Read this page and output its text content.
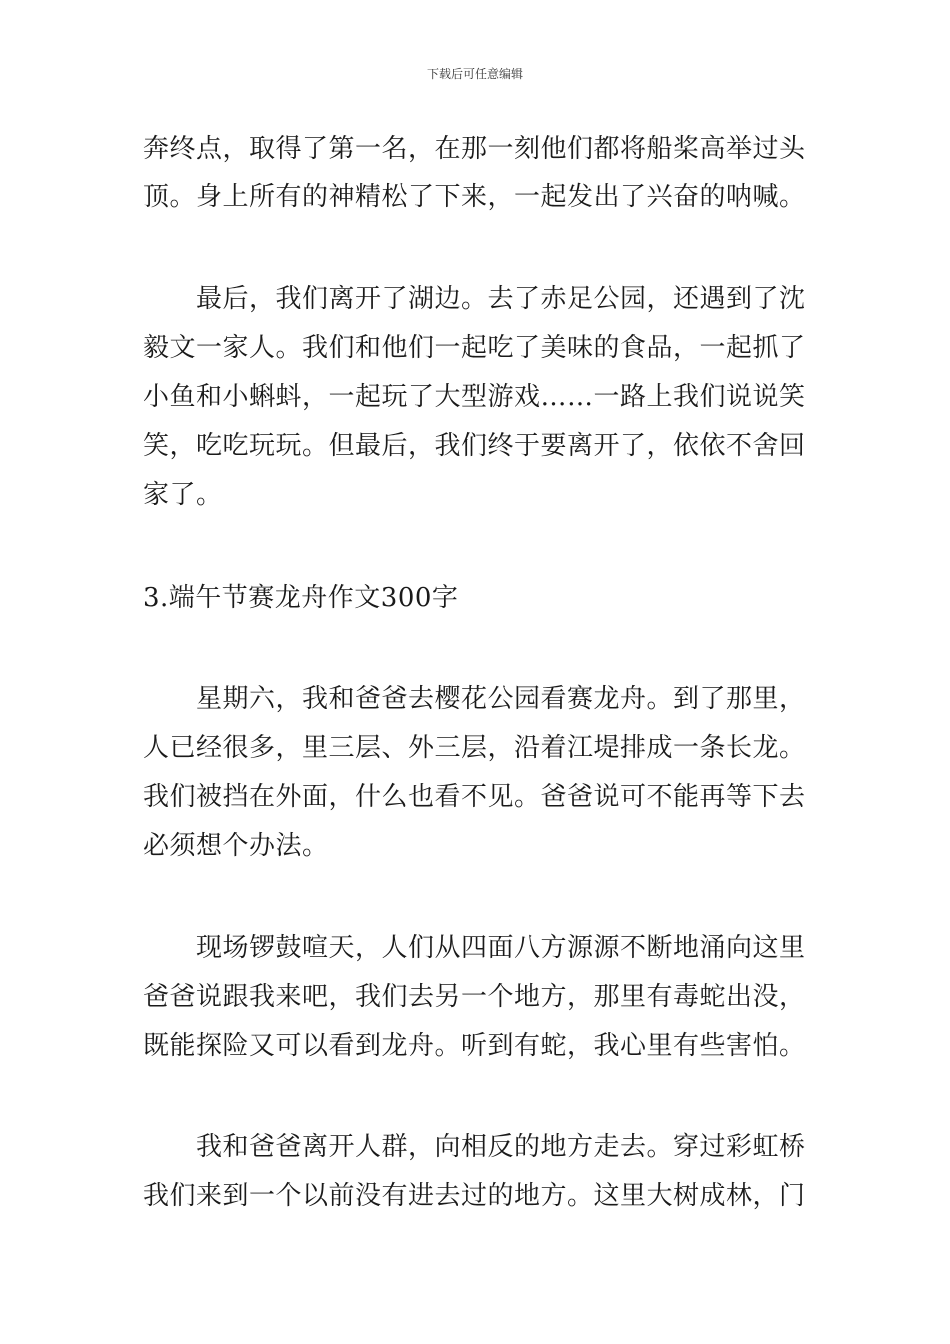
下载后可任意编辑
奔终点，取得了第一名，在那一刻他们都将船桨高举过头
顶。身上所有的神精松了下来，一起发出了兴奋的呐喊。
最后，我们离开了湖边。去了赤足公园，还遇到了沈
毅文一家人。我们和他们一起吃了美味的食品，一起抓了
小鱼和小蝌蚪，一起玩了大型游戏……一路上我们说说笑
笑，吃吃玩玩。但最后，我们终于要离开了，依依不舍回
家了。
3.端午节赛龙舟作文300字
星期六，我和爸爸去樱花公园看赛龙舟。到了那里，
人已经很多，里三层、外三层，沿着江堤排成一条长龙。
我们被挡在外面，什么也看不见。爸爸说可不能再等下去
必须想个办法。
现场锣鼓喧天，人们从四面八方源源不断地涌向这里
爸爸说跟我来吧，我们去另一个地方，那里有毒蛇出没，
既能探险又可以看到龙舟。听到有蛇，我心里有些害怕。
我和爸爸离开人群，向相反的地方走去。穿过彩虹桥
我们来到一个以前没有进去过的地方。这里大树成林，门
